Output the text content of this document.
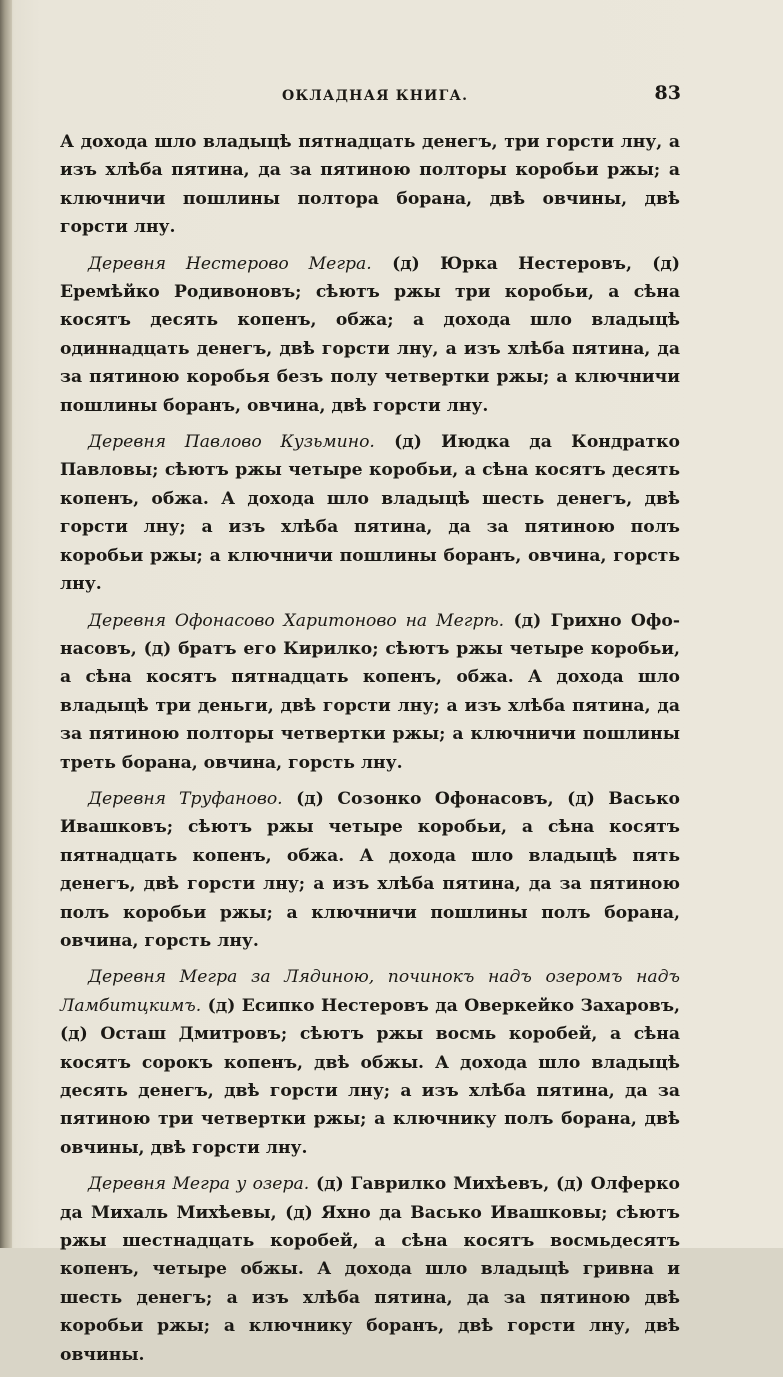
ОКЛАДНАЯ КНИГА.	83

А дохода шло владыцѣ пятнадцать денегъ, три горсти лну, а изъ хлѣба пятина, да за пятиною полторы коробьи ржы; а ключничи пошлины полтора борана, двѣ овчины, двѣ горсти лну.

Деревня Нестерово Мегра. (д) Юрка Нестеровъ, (д) Еремѣйко Родивоновъ; сѣютъ ржы три коробьи, а сѣна косятъ десять копенъ, обжа; а дохода шло владыцѣ одиннадцать денегъ, двѣ горсти лну, а изъ хлѣба пятина, да за пятиною коробья безъ полу четвертки ржы; а ключничи пошлины боранъ, овчина, двѣ горсти лну.

Деревня Павлово Кузьмино. (д) Июдка да Кондратко Павловы; сѣютъ ржы четыре коробьи, а сѣна косятъ десять копенъ, обжа. А дохода шло владыцѣ шесть денегъ, двѣ горсти лну; а изъ хлѣба пятина, да за пятиною полъ коробьи ржы; а ключничи пошлины боранъ, овчина, горсть лну.

Деревня Офонасово Харитоново на Мегрѣ. (д) Грихно Офонасовъ, (д) братъ его Кирилко; сѣютъ ржы четыре коробьи, а сѣна косятъ пятнадцать копенъ, обжа. А дохода шло владыцѣ три деньги, двѣ горсти лну; а изъ хлѣба пятина, да за пятиною полторы четвертки ржы; а ключничи пошлины треть борана, овчина, горсть лну.

Деревня Труфаново. (д) Созонко Офонасовъ, (д) Васько Ивашковъ; сѣютъ ржы четыре коробьи, а сѣна косятъ пятнадцать копенъ, обжа. А дохода шло владыцѣ пять денегъ, двѣ горсти лну; а изъ хлѣба пятина, да за пятиною полъ коробьи ржы; а ключничи пошлины полъ борана, овчина, горсть лну.

Деревня Мегра за Лядиною, починокъ надъ озеромъ надъ Ламбитцкимъ. (д) Есипко Нестеровъ да Оверкейко Захаровъ, (д) Осташ Дмитровъ; сѣютъ ржы восмь коробей, а сѣна косятъ сорокъ копенъ, двѣ обжы. А дохода шло владыцѣ десять денегъ, двѣ горсти лну; а изъ хлѣба пятина, да за пятиною три четвертки ржы; а ключнику полъ борана, двѣ овчины, двѣ горсти лну.

Деревня Мегра у озера. (д) Гаврилко Михѣевъ, (д) Олферко да Михаль Михѣевы, (д) Яхно да Васько Ивашковы; сѣютъ ржы шестнадцать коробей, а сѣна косятъ восмьдесятъ копенъ, четыре обжы. А дохода шло владыцѣ гривна и шесть денегъ; а изъ хлѣба пятина, да за пятиною двѣ коробьи ржы; а ключнику боранъ, двѣ горсти лну, двѣ овчины.
